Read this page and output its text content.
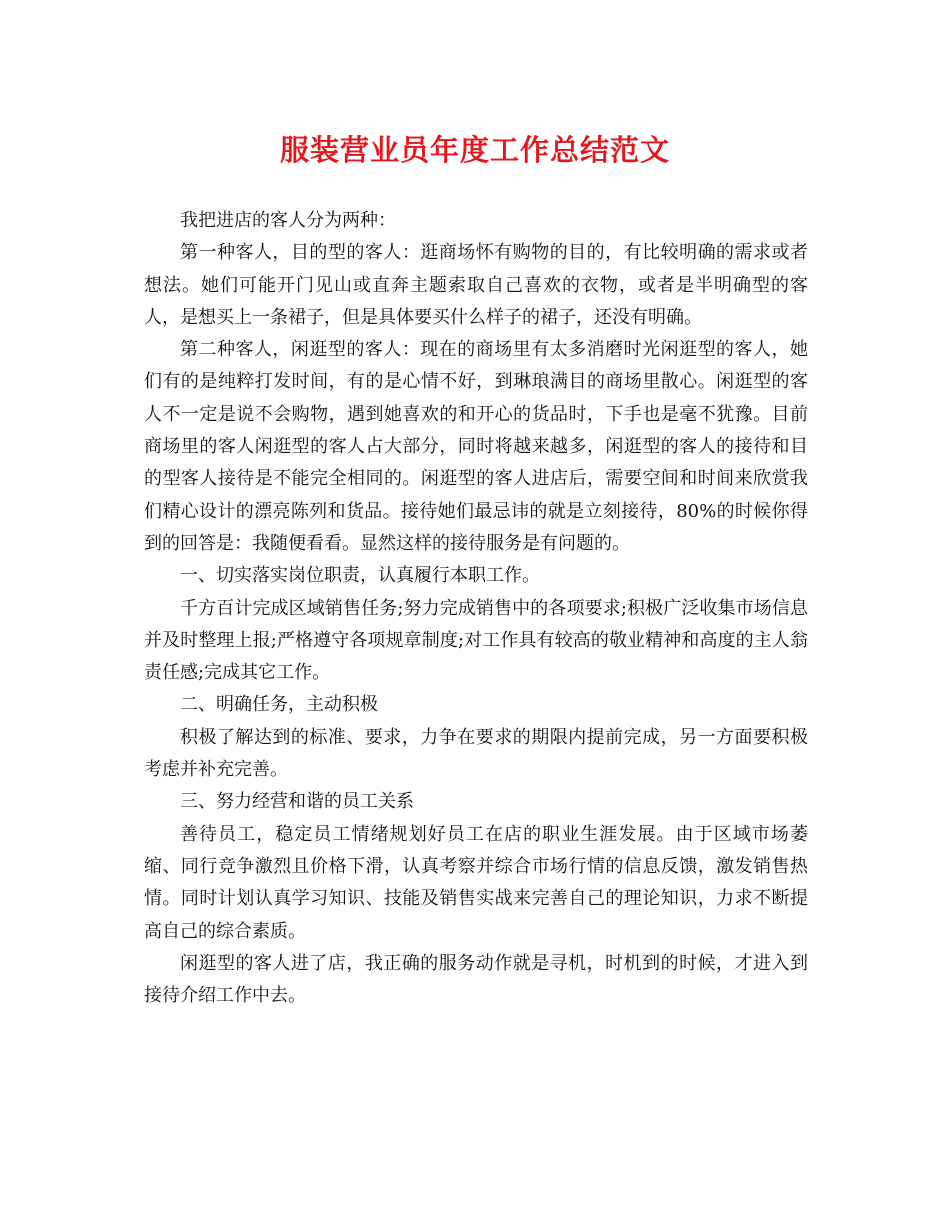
服装营业员年度工作总结范文

我把进店的客人分为两种：

第一种客人，目的型的客人：逛商场怀有购物的目的，有比较明确的需求或者想法。她们可能开门见山或直奔主题索取自己喜欢的衣物，或者是半明确型的客人，是想买上一条裙子，但是具体要买什么样子的裙子，还没有明确。

第二种客人，闲逛型的客人：现在的商场里有太多消磨时光闲逛型的客人，她们有的是纯粹打发时间，有的是心情不好，到琳琅满目的商场里散心。闲逛型的客人不一定是说不会购物，遇到她喜欢的和开心的货品时，下手也是毫不犹豫。目前商场里的客人闲逛型的客人占大部分，同时将越来越多，闲逛型的客人的接待和目的型客人接待是不能完全相同的。闲逛型的客人进店后，需要空间和时间来欣赏我们精心设计的漂亮陈列和货品。接待她们最忌讳的就是立刻接待，80%的时候你得到的回答是：我随便看看。显然这样的接待服务是有问题的。

一、切实落实岗位职责，认真履行本职工作。

千方百计完成区域销售任务;努力完成销售中的各项要求;积极广泛收集市场信息并及时整理上报;严格遵守各项规章制度;对工作具有较高的敬业精神和高度的主人翁责任感;完成其它工作。

二、明确任务，主动积极

积极了解达到的标准、要求，力争在要求的期限内提前完成，另一方面要积极考虑并补充完善。

三、努力经营和谐的员工关系

善待员工，稳定员工情绪规划好员工在店的职业生涯发展。由于区域市场萎缩、同行竞争激烈且价格下滑，认真考察并综合市场行情的信息反馈，激发销售热情。同时计划认真学习知识、技能及销售实战来完善自己的理论知识，力求不断提高自己的综合素质。

闲逛型的客人进了店，我正确的服务动作就是寻机，时机到的时候，才进入到接待介绍工作中去。
